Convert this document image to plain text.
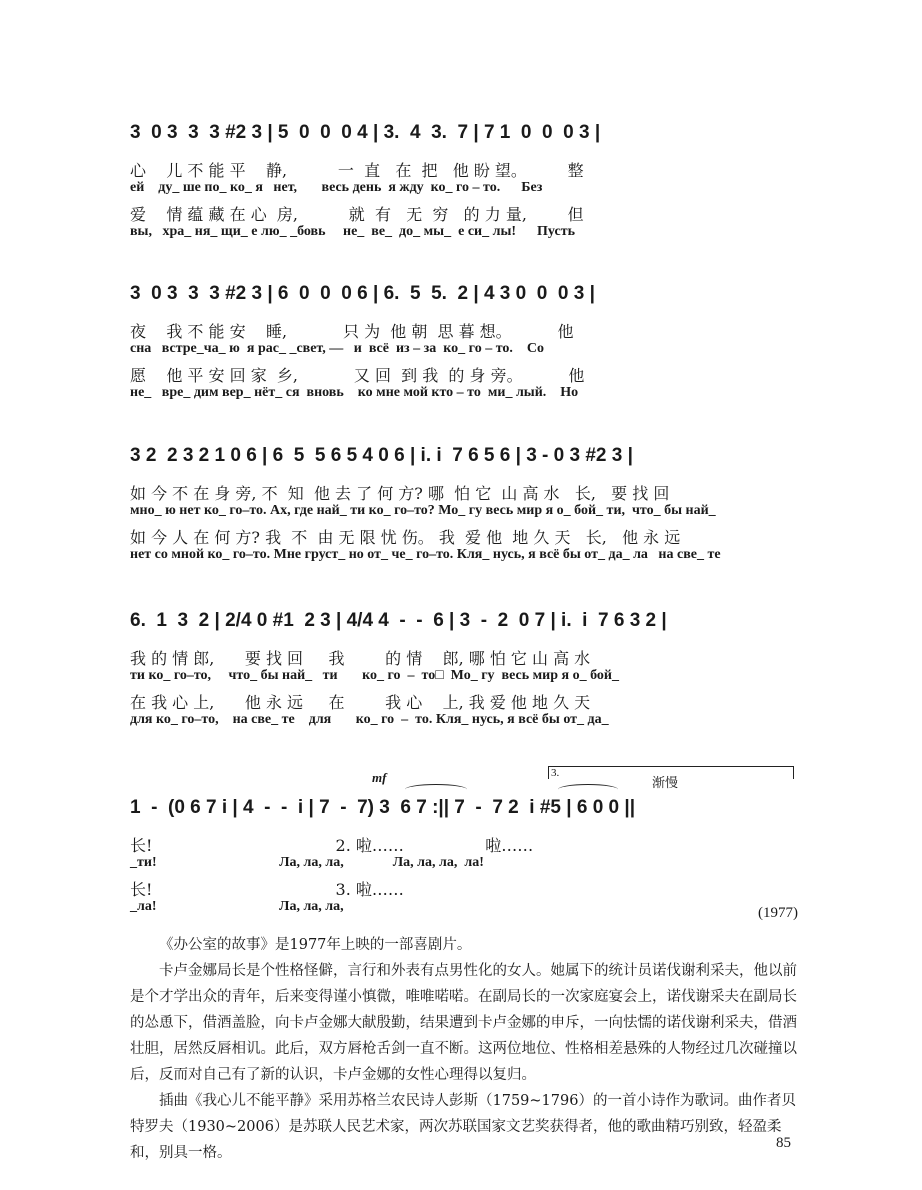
3  0 3  3  3 #2 3 | 5  0  0  0 4 | 3.  4  3.  7 | 7 1  0  0  0 3 |
心    儿 不 能 平    静,          一  直   在  把   他 盼 望。        整
ей    ду_ ше по_ ко_ я   нет,       весь день  я жду  ко_ го – то.      Без
爱    情 蕴 藏 在 心  房,          就  有   无  穷   的 力 量,        但
вы,   хра_ ня_ щи_ е лю_ _бовь     не_  ве_  до_ мы_  е си_ лы!      Пусть
3  0 3  3  3 #2 3 | 6  0  0  0 6 | 6.  5  5.  2 | 4 3 0  0  0 3 |
夜    我 不 能 安    睡,           只 为  他 朝  思 暮 想。         他
сна   встре_ча_ ю  я рас_ _свет, —   и  всё  из – за  ко_ го – то.    Со
愿    他 平 安 回 家  乡,           又 回  到 我  的 身 旁。         他
не_   вре_ дим вер_ нёт_ ся  вновь    ко мне мой кто – то  ми_ лый.    Но
3 2  2 3 2 1 0 6 | 6  5  5 6 5 4 0 6 | i. i  7 6 5 6 | 3 - 0 3 #2 3 |
如 今 不 在 身 旁, 不  知  他 去 了 何 方? 哪  怕 它  山 高 水   长,   要 找 回
мно_ ю нет ко_ го–то. Ах, где най_ ти ко_ го–то? Мо_ гу весь мир я о_ бой_ ти,  что_ бы най_
如 今 人 在 何 方? 我  不  由 无 限 忧 伤。 我  爱 他  地 久 天   长,   他 永 远
нет со мной ко_ го–то. Мне груст_ но от_ че_ го–то. Кля_ нусь, я всё бы от_ да_ ла   на све_ те
6.  1  3  2 | 2/4 0 #1  2 3 | 4/4 4  -  -  6 | 3  -  2  0 7 | i.  i  7 6 3 2 |
我 的 情 郎,      要 找 回     我        的 情    郎, 哪 怕 它 山 高 水
ти ко_ го–то,     что_ бы най_   ти       ко_ го  –  то□  Мо_ гу  весь мир я о_ бой_
在 我 心 上,      他 永 远     在        我 心    上, 我 爱 他 地 久 天
для ко_ го–то,    на све_ те    для       ко_ го  –  то. Кля_ нусь, я всё бы от_ да_
3.
渐慢
mf
1  -  (0 6 7 i | 4  -  -  i | 7  -  7) 3  6 7 :|| 7  -  7 2  i #5 | 6 0 0 ||
长!                                    2. 啦……                啦……
_ти!                                   Ла, ла, ла,              Ла, ла, ла,  ла!
长!                                    3. 啦……
_ла!                                   Ла, ла, ла,	(1977)

《办公室的故事》是1977年上映的一部喜剧片。

卡卢金娜局长是个性格怪僻，言行和外表有点男性化的女人。她属下的统计员诺伐谢利采夫，他以前是个才学出众的青年，后来变得谨小慎微，唯唯喏喏。在副局长的一次家庭宴会上，诺伐谢采夫在副局长的怂恿下，借酒盖脸，向卡卢金娜大献殷勤，结果遭到卡卢金娜的申斥，一向怯懦的诺伐谢利采夫，借酒壮胆，居然反唇相讥。此后，双方唇枪舌剑一直不断。这两位地位、性格相差悬殊的人物经过几次碰撞以后，反而对自己有了新的认识，卡卢金娜的女性心理得以复归。

插曲《我心儿不能平静》采用苏格兰农民诗人彭斯（1759~1796）的一首小诗作为歌词。曲作者贝特罗夫（1930~2006）是苏联人民艺术家，两次苏联国家文艺奖获得者，他的歌曲精巧别致，轻盈柔和，别具一格。

85
